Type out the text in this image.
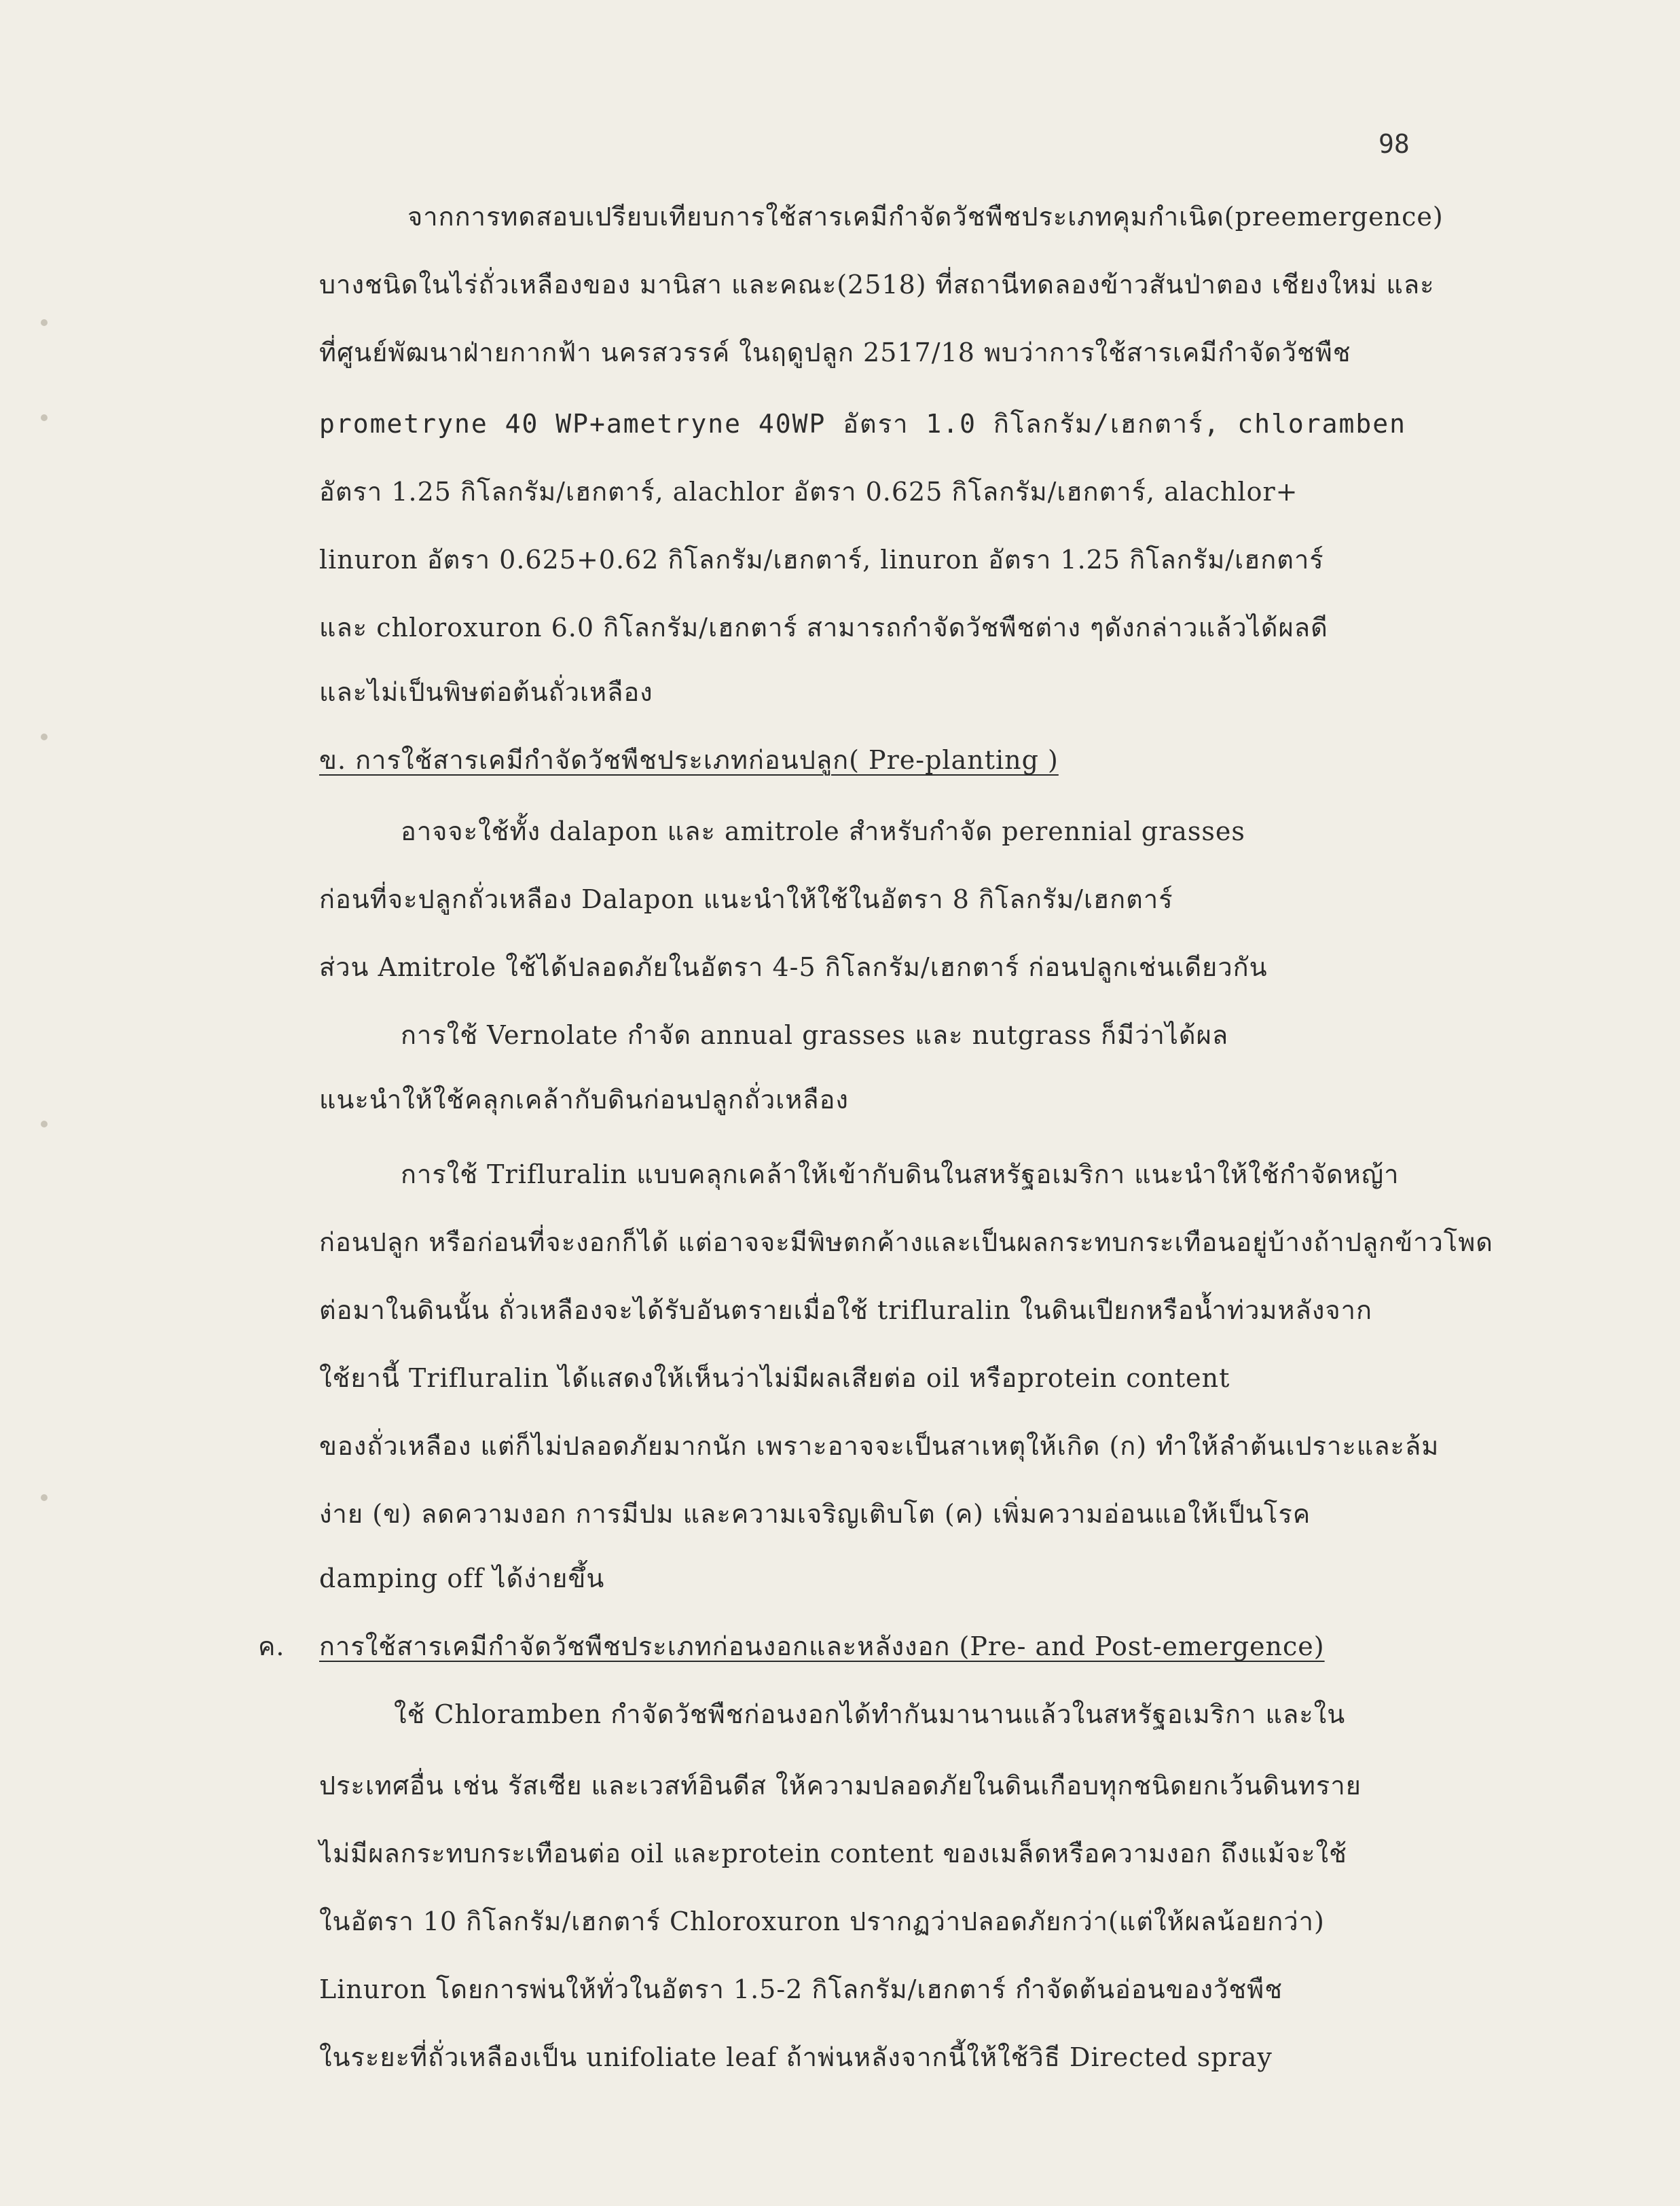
98
จากการทดสอบเปรียบเทียบการใช้สารเคมีกำจัดวัชพืชประเภทคุมกำเนิด(preemergence)
บางชนิดในไร่ถั่วเหลืองของ มานิสา และคณะ(2518) ที่สถานีทดลองข้าวสันป่าตอง เชียงใหม่ และ
ที่ศูนย์พัฒนาฝ่ายกากฟ้า นครสวรรค์ ในฤดูปลูก 2517/18 พบว่าการใช้สารเคมีกำจัดวัชพืช
prometryne 40 WP+ametryne 40WP อัตรา 1.0 กิโลกรัม/เฮกตาร์, chloramben
อัตรา 1.25 กิโลกรัม/เฮกตาร์, alachlor อัตรา 0.625 กิโลกรัม/เฮกตาร์, alachlor+
linuron อัตรา 0.625+0.62 กิโลกรัม/เฮกตาร์, linuron อัตรา 1.25 กิโลกรัม/เฮกตาร์
และ chloroxuron 6.0 กิโลกรัม/เฮกตาร์ สามารถกำจัดวัชพืชต่าง ๆดังกล่าวแล้วได้ผลดี
และไม่เป็นพิษต่อต้นถั่วเหลือง
ข. การใช้สารเคมีกำจัดวัชพืชประเภทก่อนปลูก( Pre-planting )
อาจจะใช้ทั้ง dalapon และ amitrole สำหรับกำจัด perennial grasses
ก่อนที่จะปลูกถั่วเหลือง Dalapon แนะนำให้ใช้ในอัตรา 8 กิโลกรัม/เฮกตาร์
ส่วน Amitrole ใช้ได้ปลอดภัยในอัตรา 4-5 กิโลกรัม/เฮกตาร์ ก่อนปลูกเช่นเดียวกัน
การใช้ Vernolate กำจัด annual grasses และ nutgrass ก็มีว่าได้ผล
แนะนำให้ใช้คลุกเคล้ากับดินก่อนปลูกถั่วเหลือง
การใช้ Trifluralin แบบคลุกเคล้าให้เข้ากับดินในสหรัฐอเมริกา แนะนำให้ใช้กำจัดหญ้า
ก่อนปลูก หรือก่อนที่จะงอกก็ได้ แต่อาจจะมีพิษตกค้างและเป็นผลกระทบกระเทือนอยู่บ้างถ้าปลูกข้าวโพด
ต่อมาในดินนั้น ถั่วเหลืองจะได้รับอันตรายเมื่อใช้ trifluralin ในดินเปียกหรือน้ำท่วมหลังจาก
ใช้ยานี้ Trifluralin ได้แสดงให้เห็นว่าไม่มีผลเสียต่อ oil หรือprotein content
ของถั่วเหลือง แต่ก็ไม่ปลอดภัยมากนัก เพราะอาจจะเป็นสาเหตุให้เกิด (ก) ทำให้ลำต้นเปราะและล้ม
ง่าย (ข) ลดความงอก การมีปม และความเจริญเติบโต (ค) เพิ่มความอ่อนแอให้เป็นโรค
damping off ได้ง่ายขึ้น
ค. การใช้สารเคมีกำจัดวัชพืชประเภทก่อนงอกและหลังงอก (Pre- and Post-emergence)
ใช้ Chloramben กำจัดวัชพืชก่อนงอกได้ทำกันมานานแล้วในสหรัฐอเมริกา และใน
ประเทศอื่น เช่น รัสเซีย และเวสท์อินดีส ให้ความปลอดภัยในดินเกือบทุกชนิดยกเว้นดินทราย
ไม่มีผลกระทบกระเทือนต่อ oil และprotein content ของเมล็ดหรือความงอก ถึงแม้จะใช้
ในอัตรา 10 กิโลกรัม/เฮกตาร์ Chloroxuron ปรากฏว่าปลอดภัยกว่า(แต่ให้ผลน้อยกว่า)
Linuron โดยการพ่นให้ทั่วในอัตรา 1.5-2 กิโลกรัม/เฮกตาร์ กำจัดต้นอ่อนของวัชพืช
ในระยะที่ถั่วเหลืองเป็น unifoliate leaf ถ้าพ่นหลังจากนี้ให้ใช้วิธี Directed spray
